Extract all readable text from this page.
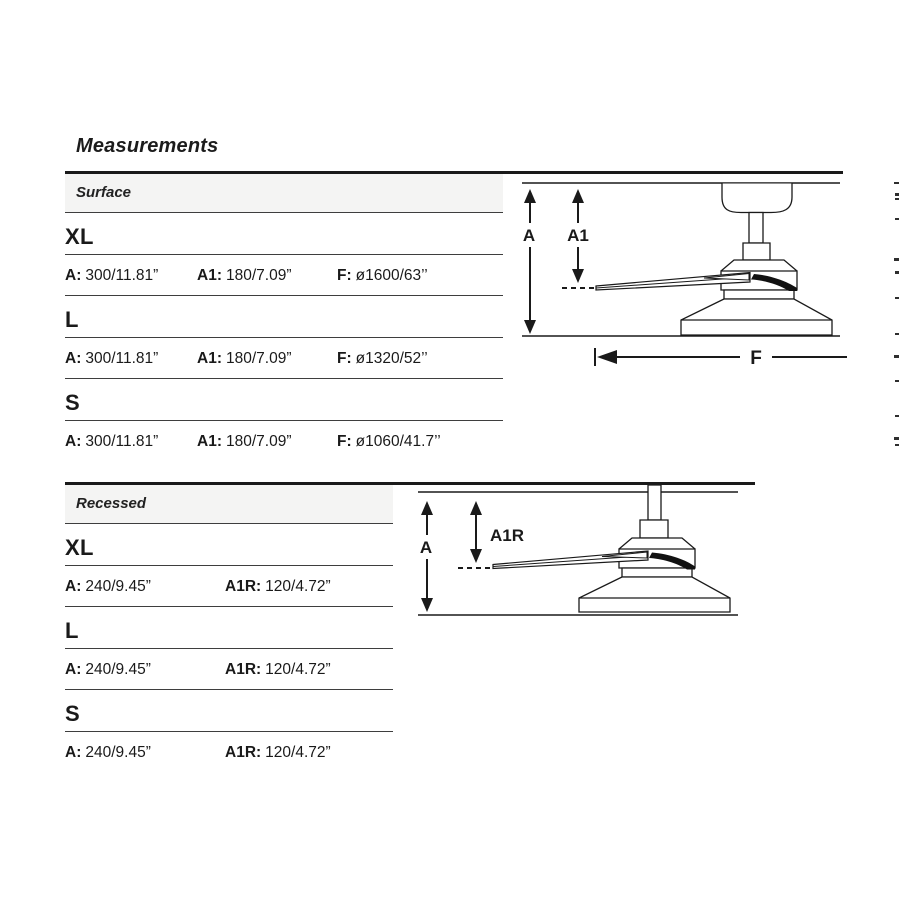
Measurements
Surface
XL
A: 300/11.81” A1: 180/7.09”	F: ø1600/63’’
L
A: 300/11.81” A1: 180/7.09”	F: ø1320/52’’
S
A: 300/11.81” A1: 180/7.09”	F: ø1060/41.7’’
Recessed
XL
A: 240/9.45”	A1R: 120/4.72”
L
A: 240/9.45”	A1R: 120/4.72”
S
A: 240/9.45”	A1R: 120/4.72”
A A1
F
A
A1R
